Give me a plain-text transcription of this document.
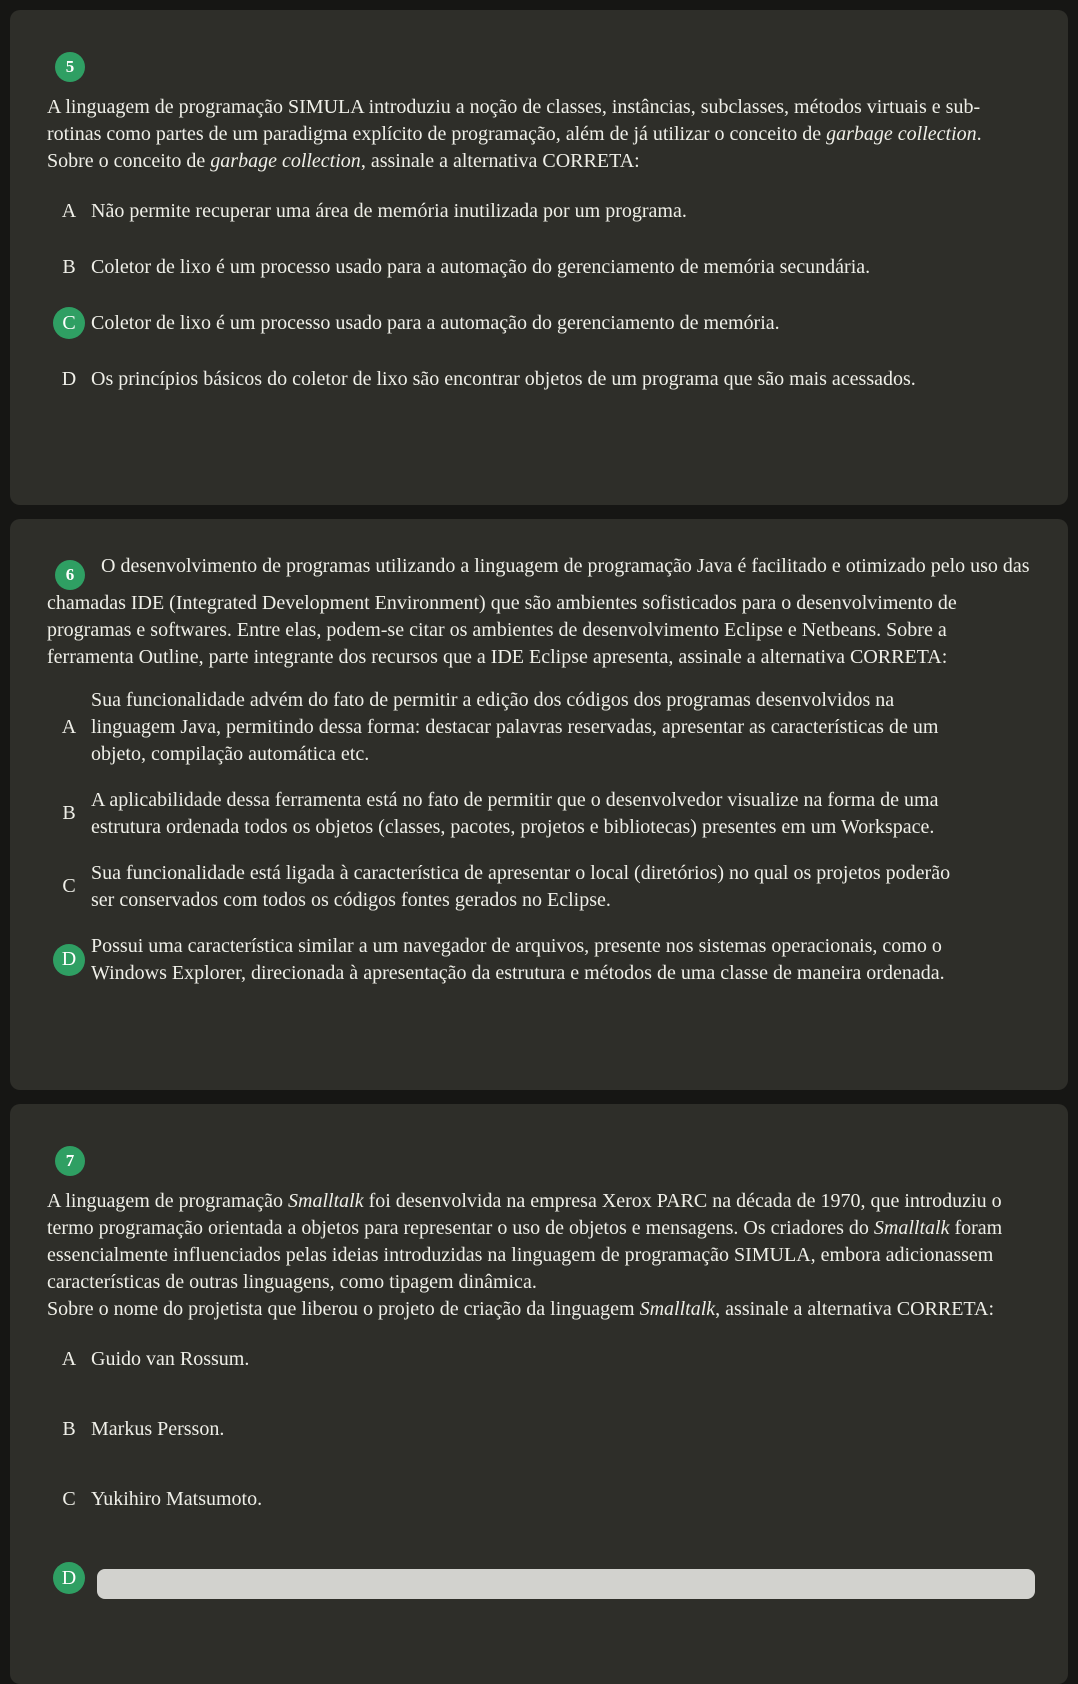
5
A linguagem de programação SIMULA introduziu a noção de classes, instâncias, subclasses, métodos virtuais e sub-rotinas como partes de um paradigma explícito de programação, além de já utilizar o conceito de garbage collection.
Sobre o conceito de garbage collection, assinale a alternativa CORRETA:
A Não permite recuperar uma área de memória inutilizada por um programa.
B Coletor de lixo é um processo usado para a automação do gerenciamento de memória secundária.
C Coletor de lixo é um processo usado para a automação do gerenciamento de memória.
D Os princípios básicos do coletor de lixo são encontrar objetos de um programa que são mais acessados.
6 O desenvolvimento de programas utilizando a linguagem de programação Java é facilitado e otimizado pelo uso das chamadas IDE (Integrated Development Environment) que são ambientes sofisticados para o desenvolvimento de programas e softwares. Entre elas, podem-se citar os ambientes de desenvolvimento Eclipse e Netbeans. Sobre a ferramenta Outline, parte integrante dos recursos que a IDE Eclipse apresenta, assinale a alternativa CORRETA:
A
Sua funcionalidade advém do fato de permitir a edição dos códigos dos programas desenvolvidos na linguagem Java, permitindo dessa forma: destacar palavras reservadas, apresentar as características de um objeto, compilação automática etc.
B
A aplicabilidade dessa ferramenta está no fato de permitir que o desenvolvedor visualize na forma de uma estrutura ordenada todos os objetos (classes, pacotes, projetos e bibliotecas) presentes em um Workspace.
C
Sua funcionalidade está ligada à característica de apresentar o local (diretórios) no qual os projetos poderão ser conservados com todos os códigos fontes gerados no Eclipse.
D
Possui uma característica similar a um navegador de arquivos, presente nos sistemas operacionais, como o Windows Explorer, direcionada à apresentação da estrutura e métodos de uma classe de maneira ordenada.
7
A linguagem de programação Smalltalk foi desenvolvida na empresa Xerox PARC na década de 1970, que introduziu o termo programação orientada a objetos para representar o uso de objetos e mensagens. Os criadores do Smalltalk foram essencialmente influenciados pelas ideias introduzidas na linguagem de programação SIMULA, embora adicionassem características de outras linguagens, como tipagem dinâmica.
Sobre o nome do projetista que liberou o projeto de criação da linguagem Smalltalk, assinale a alternativa CORRETA:
A Guido van Rossum.
B Markus Persson.
C Yukihiro Matsumoto.
D
